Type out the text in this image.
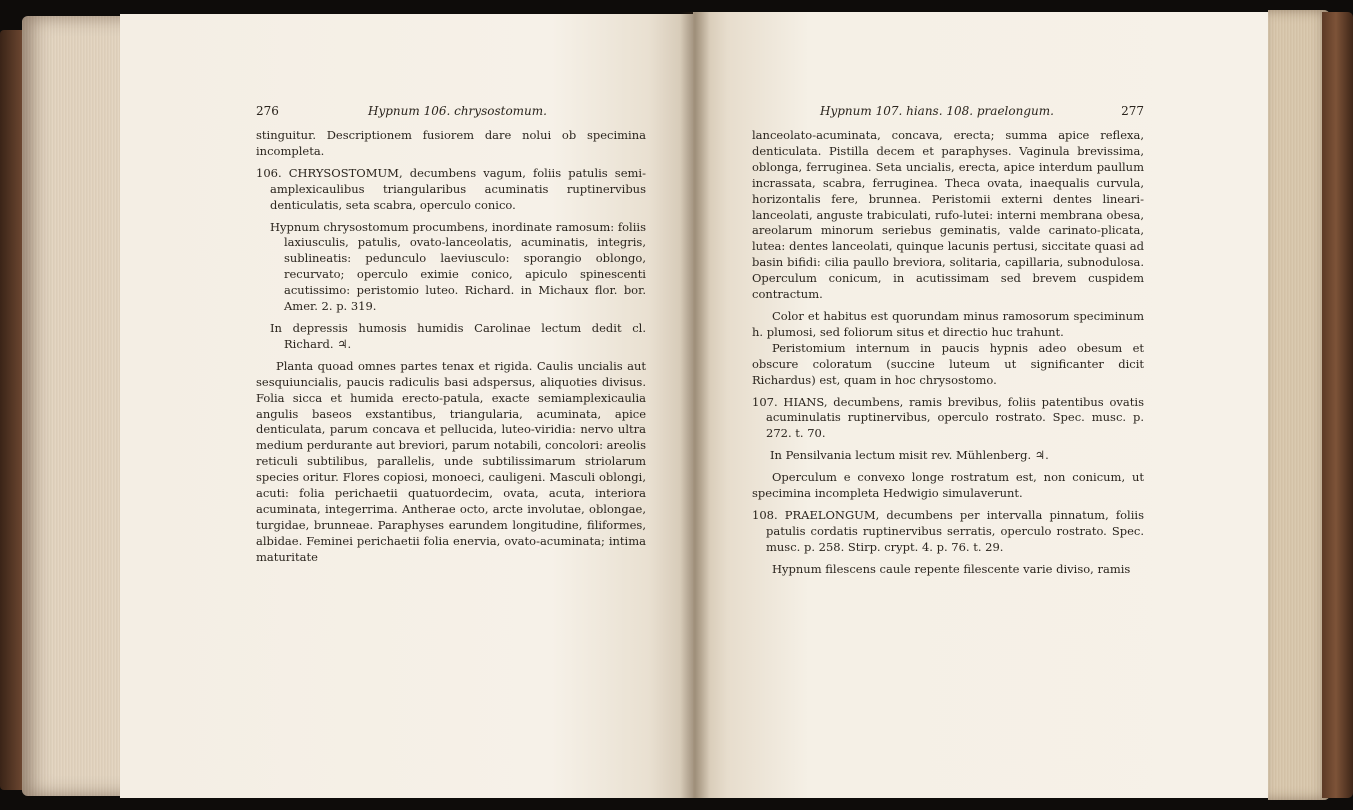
276	Hypnum 106. chrysostomum.

stinguitur. Descriptionem fusiorem dare nolui ob specimina incompleta.

106. CHRYSOSTOMUM, decumbens vagum, foliis patulis semi-amplexicaulibus triangularibus acuminatis ruptinervibus denticulatis, seta scabra, operculo conico.

Hypnum chrysostomum procumbens, inordinate ramosum: foliis laxiusculis, patulis, ovato-lanceolatis, acuminatis, integris, sublineatis: pedunculo laeviusculo: sporangio oblongo, recurvato; operculo eximie conico, apiculo spinescenti acutissimo: peristomio luteo. Richard. in Michaux flor. bor. Amer. 2. p. 319.

In depressis humosis humidis Carolinae lectum dedit cl. Richard. ♃.

Planta quoad omnes partes tenax et rigida. Caulis uncialis aut sesquiuncialis, paucis radiculis basi adspersus, aliquoties divisus. Folia sicca et humida erecto-patula, exacte semiamplexicaulia angulis baseos exstantibus, triangularia, acuminata, apice denticulata, parum concava et pellucida, luteo-viridia: nervo ultra medium perdurante aut breviori, parum notabili, concolori: areolis reticuli subtilibus, parallelis, unde subtilissimarum striolarum species oritur. Flores copiosi, monoeci, cauligeni. Masculi oblongi, acuti: folia perichaetii quatuordecim, ovata, acuta, interiora acuminata, integerrima. Antherae octo, arcte involutae, oblongae, turgidae, brunneae. Paraphyses earundem longitudine, filiformes, albidae. Feminei perichaetii folia enervia, ovato-acuminata; intima maturitate

Hypnum 107. hians. 108. praelongum.	277

lanceolato-acuminata, concava, erecta; summa apice reflexa, denticulata. Pistilla decem et paraphyses. Vaginula brevissima, oblonga, ferruginea. Seta uncialis, erecta, apice interdum paullum incrassata, scabra, ferruginea. Theca ovata, inaequalis curvula, horizontalis fere, brunnea. Peristomii externi dentes lineari-lanceolati, anguste trabiculati, rufo-lutei: interni membrana obesa, areolarum minorum seriebus geminatis, valde carinato-plicata, lutea: dentes lanceolati, quinque lacunis pertusi, siccitate quasi ad basin bifidi: cilia paullo breviora, solitaria, capillaria, subnodulosa. Operculum conicum, in acutissimam sed brevem cuspidem contractum.

Color et habitus est quorundam minus ramosorum speciminum h. plumosi, sed foliorum situs et directio huc trahunt.

Peristomium internum in paucis hypnis adeo obesum et obscure coloratum (succine luteum ut significanter dicit Richardus) est, quam in hoc chrysostomo.

107. HIANS, decumbens, ramis brevibus, foliis patentibus ovatis acuminulatis ruptinervibus, operculo rostrato. Spec. musc. p. 272. t. 70.

In Pensilvania lectum misit rev. Mühlenberg. ♃.

Operculum e convexo longe rostratum est, non conicum, ut specimina incompleta Hedwigio simulaverunt.

108. PRAELONGUM, decumbens per intervalla pinnatum, foliis patulis cordatis ruptinervibus serratis, operculo rostrato. Spec. musc. p. 258. Stirp. crypt. 4. p. 76. t. 29.

Hypnum filescens caule repente filescente varie diviso, ramis
